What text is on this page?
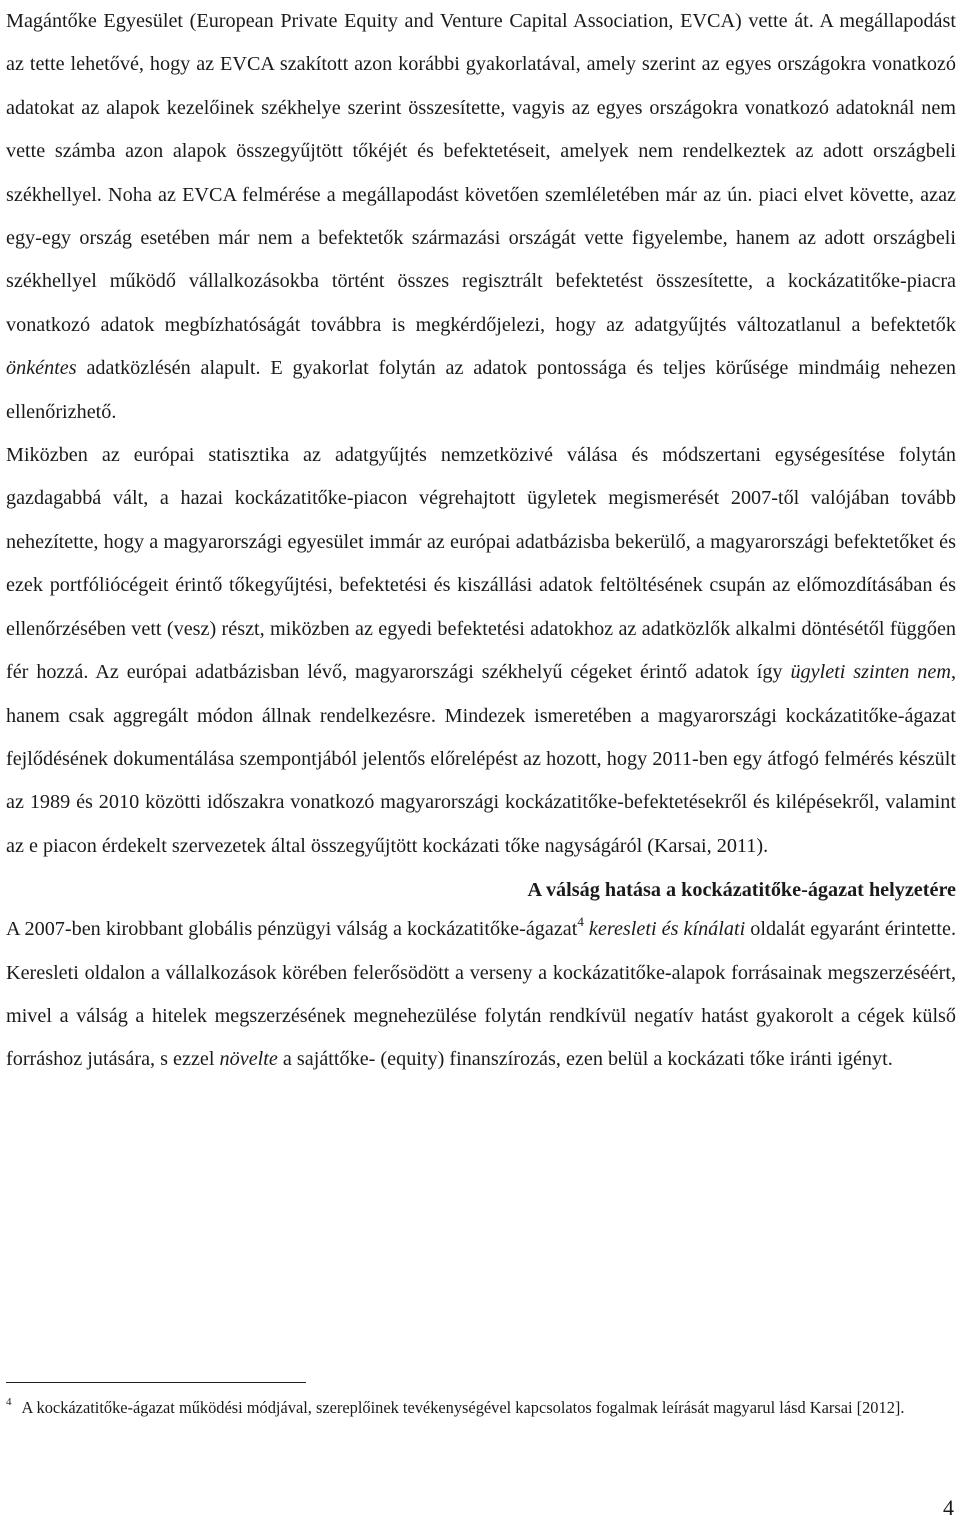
Magántőke Egyesület (European Private Equity and Venture Capital Association, EVCA) vette át. A megállapodást az tette lehetővé, hogy az EVCA szakított azon korábbi gyakorlatával, amely szerint az egyes országokra vonatkozó adatokat az alapok kezelőinek székhelye szerint összesítette, vagyis az egyes országokra vonatkozó adatoknál nem vette számba azon alapok összegyűjtött tőkéjét és befektetéseit, amelyek nem rendelkeztek az adott országbeli székhellyel. Noha az EVCA felmérése a megállapodást követően szemléletében már az ún. piaci elvet követte, azaz egy-egy ország esetében már nem a befektetők származási országát vette figyelembe, hanem az adott országbeli székhellyel működő vállalkozásokba történt összes regisztrált befektetést összesítette, a kockázatitőke-piacra vonatkozó adatok megbízhatóságát továbbra is megkérdőjelezi, hogy az adatgyűjtés változatlanul a befektetők önkéntes adatközlésén alapult. E gyakorlat folytán az adatok pontossága és teljes körűsége mindmáig nehezen ellenőrizhető.

Miközben az európai statisztika az adatgyűjtés nemzetközivé válása és módszertani egységesítése folytán gazdagabbá vált, a hazai kockázatitőke-piacon végrehajtott ügyletek megismerését 2007-től valójában tovább nehezítette, hogy a magyarországi egyesület immár az európai adatbázisba bekerülő, a magyarországi befektetőket és ezek portfóliócégeit érintő tőkegyűjtési, befektetési és kiszállási adatok feltöltésének csupán az előmozdításában és ellenőrzésében vett (vesz) részt, miközben az egyedi befektetési adatokhoz az adatközlők alkalmi döntésétől függően fér hozzá. Az európai adatbázisban lévő, magyarországi székhelyű cégeket érintő adatok így ügyleti szinten nem, hanem csak aggregált módon állnak rendelkezésre. Mindezek ismeretében a magyarországi kockázatitőke-ágazat fejlődésének dokumentálása szempontjából jelentős előrelépést az hozott, hogy 2011-ben egy átfogó felmérés készült az 1989 és 2010 közötti időszakra vonatkozó magyarországi kockázatitőke-befektetésekről és kilépésekről, valamint az e piacon érdekelt szervezetek által összegyűjtött kockázati tőke nagyságáról (Karsai, 2011).

A válság hatása a kockázatitőke-ágazat helyzetére

A 2007-ben kirobbant globális pénzügyi válság a kockázatitőke-ágazat$^4$ keresleti és kínálati oldalát egyaránt érintette. Keresleti oldalon a vállalkozások körében felerősödött a verseny a kockázatitőke-alapok forrásainak megszerzéséért, mivel a válság a hitelek megszerzésének megnehezülése folytán rendkívül negatív hatást gyakorolt a cégek külső forráshoz jutására, s ezzel növelte a sajáttőke- (equity) finanszírozás, ezen belül a kockázati tőke iránti igényt.

$^4$ A kockázatitőke-ágazat működési módjával, szereplőinek tevékenységével kapcsolatos fogalmak leírását magyarul lásd Karsai [2012].
4
